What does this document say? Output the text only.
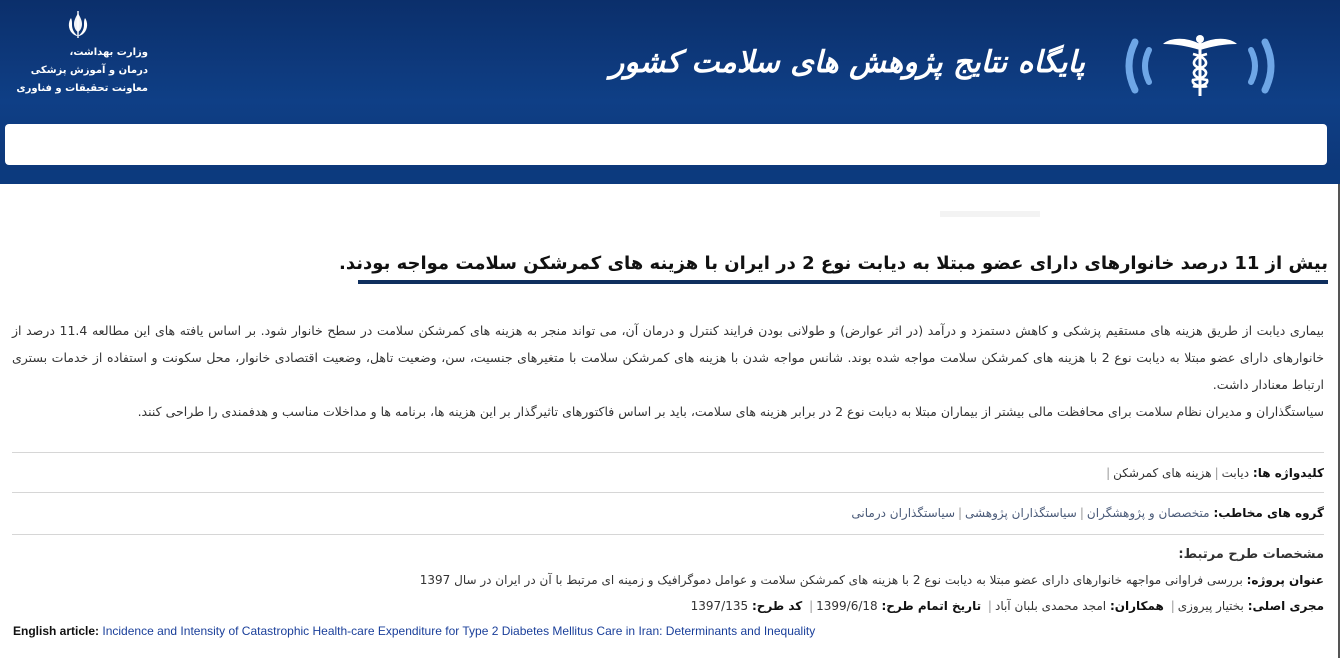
وزارت بهداشت،
درمان و آموزش پزشکی
معاونت تحقیقات و فناوری
پایگاه نتایج پژوهش های سلامت کشور
بیش از 11 درصد خانوارهای دارای عضو مبتلا به دیابت نوع 2 در ایران با هزینه های کمرشکن سلامت مواجه بودند.

بیماری دیابت از طریق هزینه های مستقیم پزشکی و کاهش دستمزد و درآمد (در اثر عوارض) و طولانی بودن فرایند کنترل و درمان آن، می تواند منجر به هزینه های کمرشکن سلامت در سطح خانوار شود. بر اساس یافته های این مطالعه 11.4 درصد از خانوارهای دارای عضو مبتلا به دیابت نوع 2 با هزینه های کمرشکن سلامت مواجه شده بوند. شانس مواجه شدن با هزینه های کمرشکن سلامت با متغیرهای جنسیت، سن، وضعیت تاهل، وضعیت اقتصادی خانوار، محل سکونت و استفاده از خدمات بستری ارتباط معنادار داشت.

سیاستگذاران و مدیران نظام سلامت برای محافظت مالی بیشتر از بیماران مبتلا به دیابت نوع 2 در برابر هزینه های سلامت، باید بر اساس فاکتورهای تاثیرگذار بر این هزینه ها، برنامه ها و مداخلات مناسب و هدفمندی را طراحی کنند.

کلیدواژه ها: دیابت|هزینه های کمرشکن|
گروه های مخاطب: متخصصان و پژوهشگران|سیاستگذاران پژوهشی|سیاستگذاران درمانی
مشخصات طرح مرتبط:
عنوان پروژه: بررسی فراوانی مواجهه خانوارهای دارای عضو مبتلا به دیابت نوع 2 با هزینه های کمرشکن سلامت و عوامل دموگرافیک و زمینه ای مرتبط با آن در ایران در سال 1397
مجری اصلی: بختیار پیروزی| همکاران: امجد محمدی بلبان آباد| تاریخ اتمام طرح: 1399/6/18| کد طرح: 1397/135
English article: Incidence and Intensity of Catastrophic Health-care Expenditure for Type 2 Diabetes Mellitus Care in Iran: Determinants and Inequality
